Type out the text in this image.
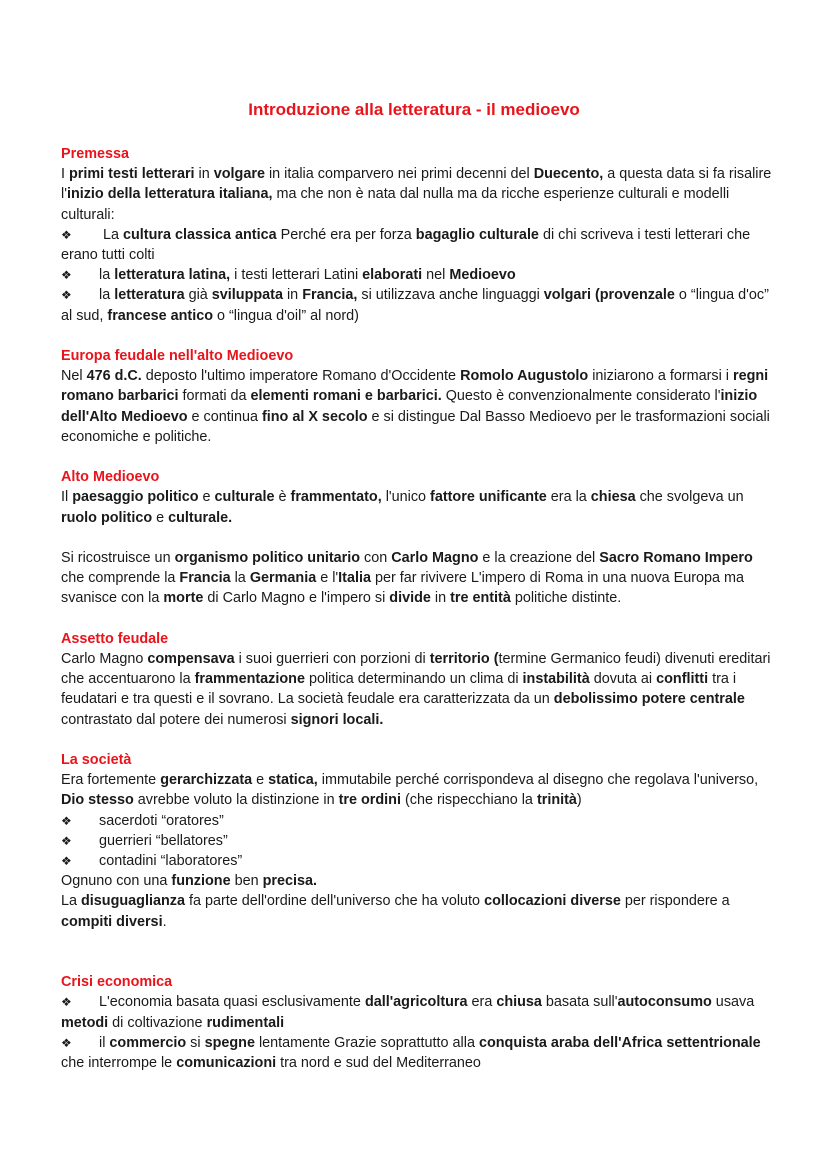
Introduzione alla letteratura - il medioevo
Premessa
I primi testi letterari in volgare in italia comparvero nei primi decenni del Duecento, a questa data si fa risalire l'inizio della letteratura italiana, ma che non è nata dal nulla ma da ricche esperienze culturali e modelli culturali:
❖ La cultura classica antica Perché era per forza bagaglio culturale di chi scriveva i testi letterari che erano tutti colti
❖ la letteratura latina, i testi letterari Latini elaborati nel Medioevo
❖ la letteratura già sviluppata in Francia, si utilizzava anche linguaggi volgari (provenzale o “lingua d'oc” al sud, francese antico o “lingua d'oil” al nord)
Europa feudale nell'alto Medioevo
Nel 476 d.C. deposto l'ultimo imperatore Romano d'Occidente Romolo Augustolo iniziarono a formarsi i regni romano barbarici formati da elementi romani e barbarici. Questo è convenzionalmente considerato l'inizio dell'Alto Medioevo e continua fino al X secolo e si distingue Dal Basso Medioevo per le trasformazioni sociali economiche e politiche.
Alto Medioevo
Il paesaggio politico e culturale è frammentato, l'unico fattore unificante era la chiesa che svolgeva un ruolo politico e culturale.
Si ricostruisce un organismo politico unitario con Carlo Magno e la creazione del Sacro Romano Impero che comprende la Francia la Germania e l'Italia per far rivivere L'impero di Roma in una nuova Europa ma svanisce con la morte di Carlo Magno e l'impero si divide in tre entità politiche distinte.
Assetto feudale
Carlo Magno compensava i suoi guerrieri con porzioni di territorio (termine Germanico feudi) divenuti ereditari che accentuarono la frammentazione politica determinando un clima di instabilità dovuta ai conflitti tra i feudatari e tra questi e il sovrano. La società feudale era caratterizzata da un debolissimo potere centrale contrastato dal potere dei numerosi signori locali.
La società
Era fortemente gerarchizzata e statica, immutabile perché corrispondeva al disegno che regolava l'universo, Dio stesso avrebbe voluto la distinzione in tre ordini (che rispecchiano la trinità)
❖ sacerdoti “oratores”
❖ guerrieri “bellatores”
❖ contadini “laboratores”
Ognuno con una funzione ben precisa.
La disuguaglianza fa parte dell'ordine dell'universo che ha voluto collocazioni diverse per rispondere a compiti diversi.
Crisi economica
❖ L'economia basata quasi esclusivamente dall'agricoltura era chiusa basata sull'autoconsumo usava metodi di coltivazione rudimentali
❖ il commercio si spegne lentamente Grazie soprattutto alla conquista araba dell'Africa settentrionale che interrompe le comunicazioni tra nord e sud del Mediterraneo
